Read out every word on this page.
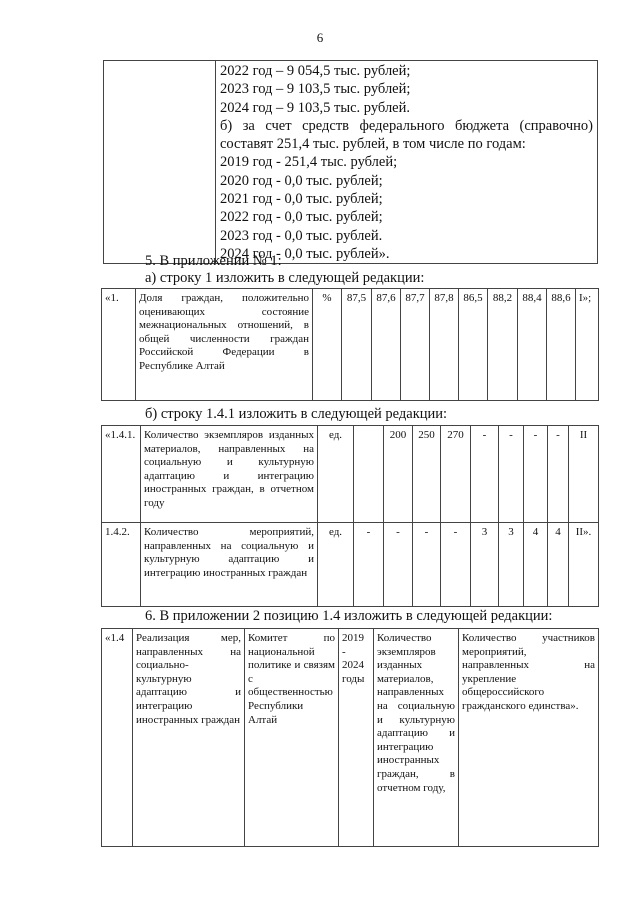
6

2022 год – 9 054,5 тыс. рублей;
2023 год – 9 103,5 тыс. рублей;
2024 год – 9 103,5 тыс. рублей.
б) за счет средств федерального бюджета (справочно)
составят 251,4 тыс. рублей, в том числе по годам:
2019 год - 251,4 тыс. рублей;
2020 год - 0,0 тыс. рублей;
2021 год - 0,0 тыс. рублей;
2022 год - 0,0 тыс. рублей;
2023 год - 0,0 тыс. рублей.
2024 год - 0,0 тыс. рублей».
5. В приложении № 1:
а) строку 1 изложить в следующей редакции:
«1.	Доля граждан, положительно оценивающих состояние межнациональных отношений, в общей численности граждан Российской Федерации в Республике Алтай	%	87,5	87,6	87,7	87,8	86,5	88,2	88,4	88,6	I»;
б) строку 1.4.1 изложить в следующей редакции:
«1.4.1.	Количество экземпляров изданных материалов, направленных на социальную и культурную адаптацию и интеграцию иностранных граждан, в отчетном году	ед.		200	250	270	-	-	-	-	II
1.4.2.	Количество мероприятий, направленных на социальную и культурную адаптацию и интеграцию иностранных граждан	ед.	-	-	-	-	3	3	4	4	II».
6. В приложении 2 позицию 1.4 изложить в следующей редакции:
«1.4	Реализация мер, направленных на социально-культурную адаптацию и интеграцию иностранных граждан	Комитет по национальной политике и связям с общественностью Республики Алтай	2019 - 2024 годы	Количество экземпляров изданных материалов, направленных на социальную и культурную адаптацию и интеграцию иностранных граждан, в отчетном году,	Количество участников мероприятий, направленных на укрепление общероссийского гражданского единства».
